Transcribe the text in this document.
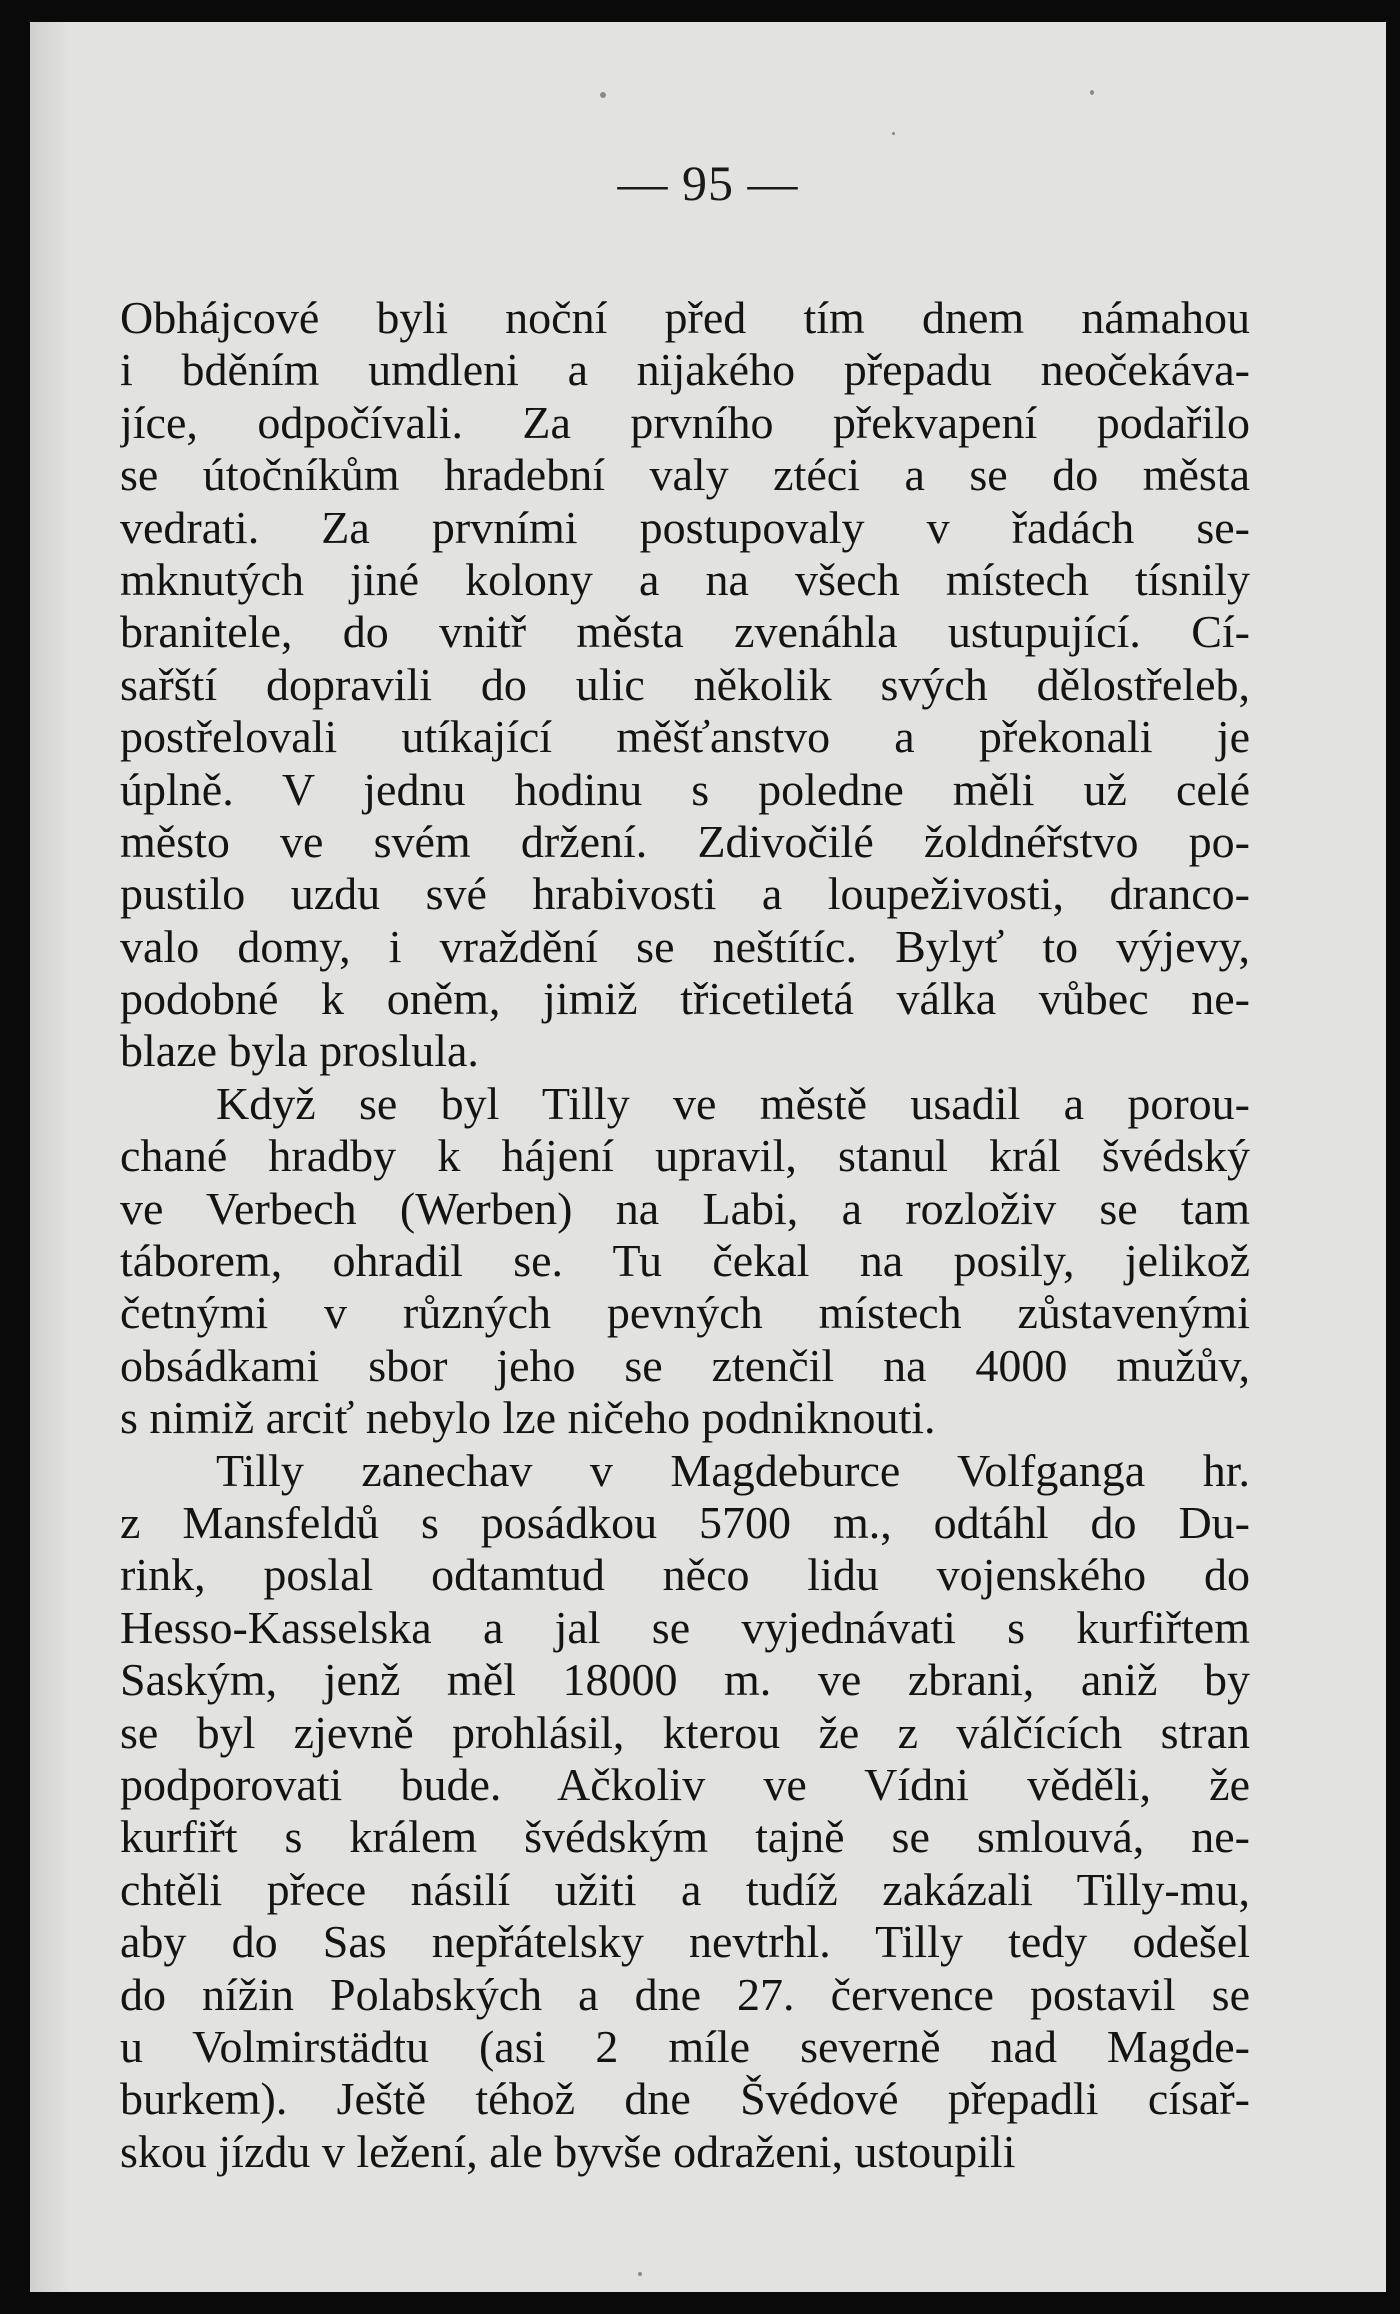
— 95 —
Obhájcové byli noční před tím dnem námahou
i bděním umdleni a nijakého přepadu neočekáva-
jíce, odpočívali. Za prvního překvapení podařilo
se útočníkům hradební valy ztéci a se do města
vedrati. Za prvními postupovaly v řadách se-
mknutých jiné kolony a na všech místech tísnily
branitele, do vnitř města zvenáhla ustupující. Cí-
sařští dopravili do ulic několik svých dělostřeleb,
postřelovali utíkající měšťanstvo a překonali je
úplně. V jednu hodinu s poledne měli už celé
město ve svém držení. Zdivočilé žoldnéřstvo po-
pustilo uzdu své hrabivosti a loupeživosti, dranco-
valo domy, i vraždění se neštítíc. Bylyť to výjevy,
podobné k oněm, jimiž třicetiletá válka vůbec ne-
blaze byla proslula.
Když se byl Tilly ve městě usadil a porou-
chané hradby k hájení upravil, stanul král švédský
ve Verbech (Werben) na Labi, a rozloživ se tam
táborem, ohradil se. Tu čekal na posily, jelikož
četnými v různých pevných místech zůstavenými
obsádkami sbor jeho se ztenčil na 4000 mužův,
s nimiž arciť nebylo lze ničeho podniknouti.
Tilly zanechav v Magdeburce Volfganga hr.
z Mansfeldů s posádkou 5700 m., odtáhl do Du-
rink, poslal odtamtud něco lidu vojenského do
Hesso-Kasselska a jal se vyjednávati s kurfiřtem
Saským, jenž měl 18000 m. ve zbrani, aniž by
se byl zjevně prohlásil, kterou že z válčících stran
podporovati bude. Ačkoliv ve Vídni věděli, že
kurfiřt s králem švédským tajně se smlouvá, ne-
chtěli přece násilí užiti a tudíž zakázali Tilly-mu,
aby do Sas nepřátelsky nevtrhl. Tilly tedy odešel
do nížin Polabských a dne 27. července postavil se
u Volmirstädtu (asi 2 míle severně nad Magde-
burkem). Ještě téhož dne Švédové přepadli císař-
skou jízdu v ležení, ale byvše odraženi, ustoupili
